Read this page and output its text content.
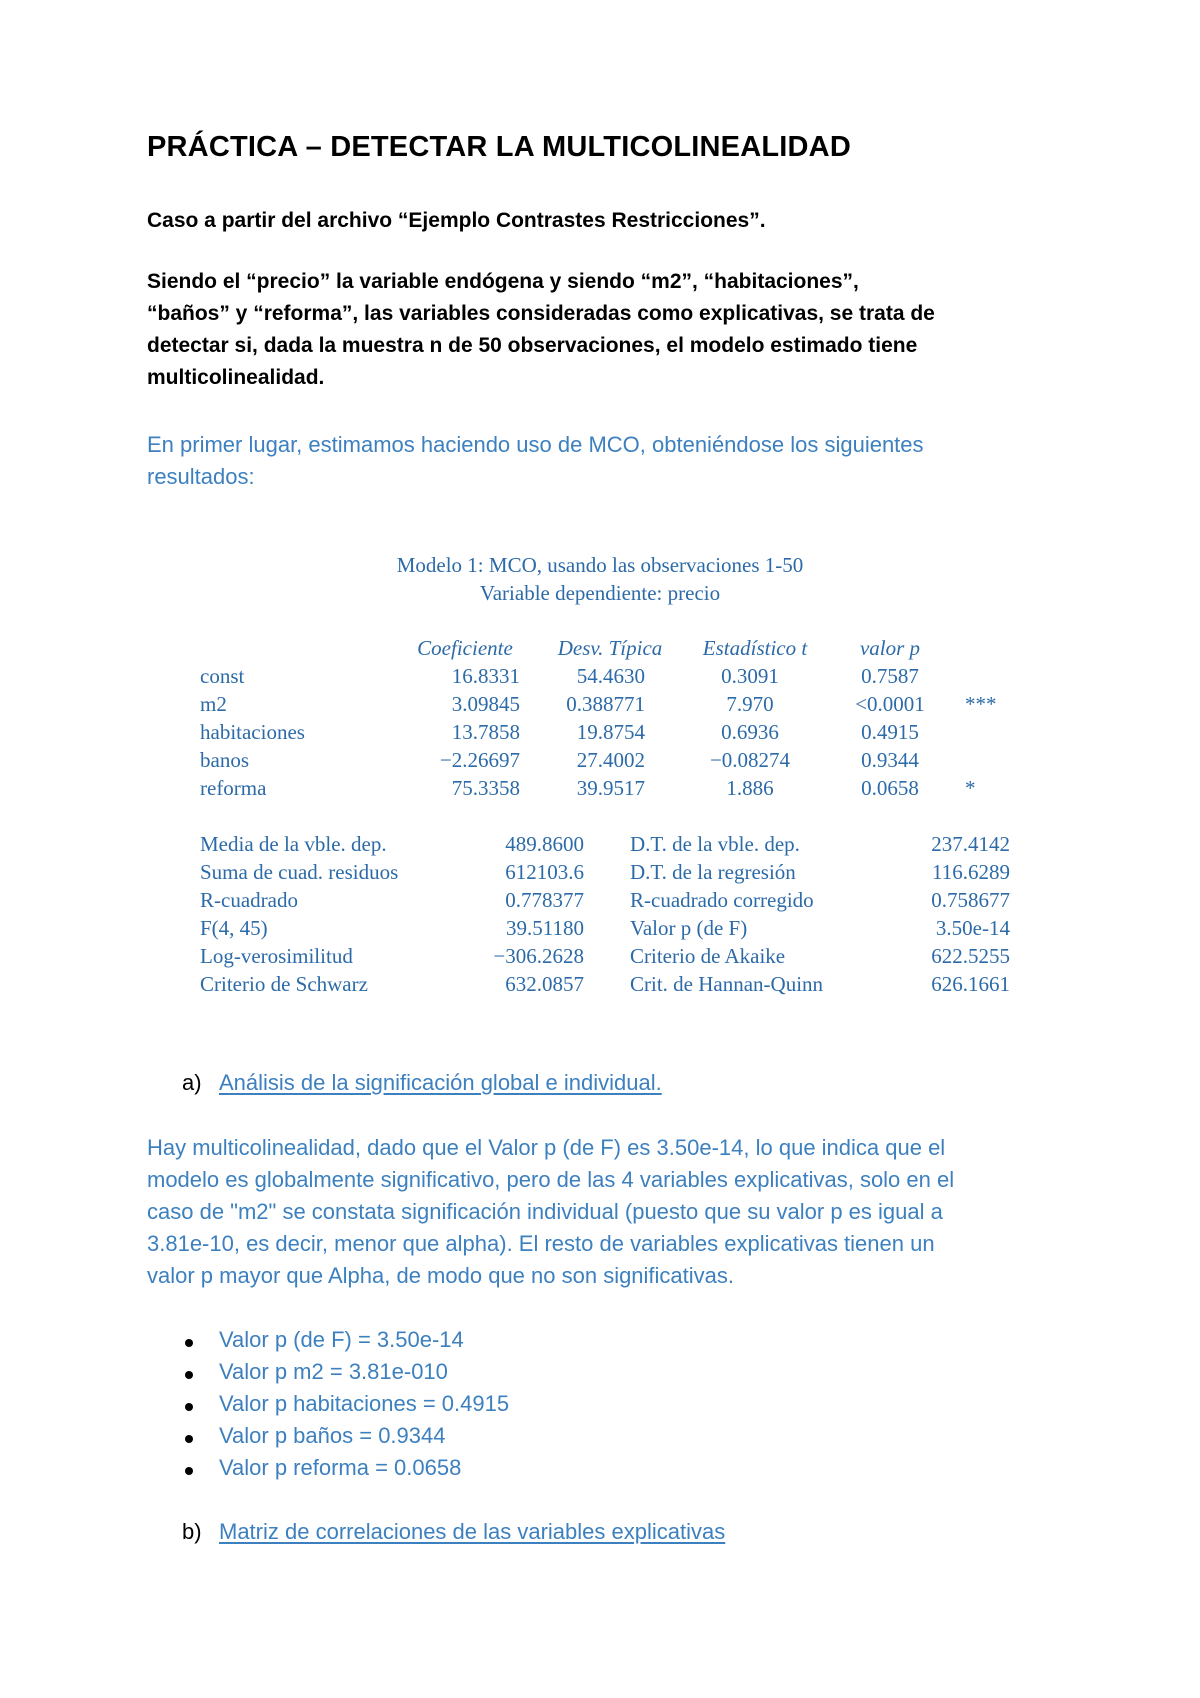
PRÁCTICA – DETECTAR LA MULTICOLINEALIDAD
Caso a partir del archivo “Ejemplo Contrastes Restricciones”.
Siendo el “precio” la variable endógena y siendo “m2”, “habitaciones”,
“baños” y “reforma”, las variables consideradas como explicativas, se trata de
detectar si, dada la muestra n de 50 observaciones, el modelo estimado tiene
multicolinealidad.
En primer lugar, estimamos haciendo uso de MCO, obteniéndose los siguientes
resultados:
Modelo 1: MCO, usando las observaciones 1-50
Variable dependiente: precio
Coeficiente	Desv. Típica	Estadístico t	valor p
const	16.8331	54.4630	0.3091	0.7587
m2	3.09845	0.388771	7.970	<0.0001	***
habitaciones	13.7858	19.8754	0.6936	0.4915
banos	−2.26697	27.4002	−0.08274	0.9344
reforma	75.3358	39.9517	1.886	0.0658	*
Media de la vble. dep.	489.8600 D.T. de la vble. dep.	237.4142
Suma de cuad. residuos	612103.6 D.T. de la regresión	116.6289
R-cuadrado	0.778377 R-cuadrado corregido	0.758677
F(4, 45)	39.51180 Valor p (de F)	3.50e-14
Log-verosimilitud	−306.2628 Criterio de Akaike	622.5255
Criterio de Schwarz	632.0857 Crit. de Hannan-Quinn	626.1661
a) Análisis de la significación global e individual.
Hay multicolinealidad, dado que el Valor p (de F) es 3.50e-14, lo que indica que el
modelo es globalmente significativo, pero de las 4 variables explicativas, solo en el
caso de "m2" se constata significación individual (puesto que su valor p es igual a
3.81e-10, es decir, menor que alpha). El resto de variables explicativas tienen un
valor p mayor que Alpha, de modo que no son significativas.
Valor p (de F) = 3.50e-14
Valor p m2 = 3.81e-010
Valor p habitaciones = 0.4915
Valor p baños = 0.9344
Valor p reforma = 0.0658
b) Matriz de correlaciones de las variables explicativas
